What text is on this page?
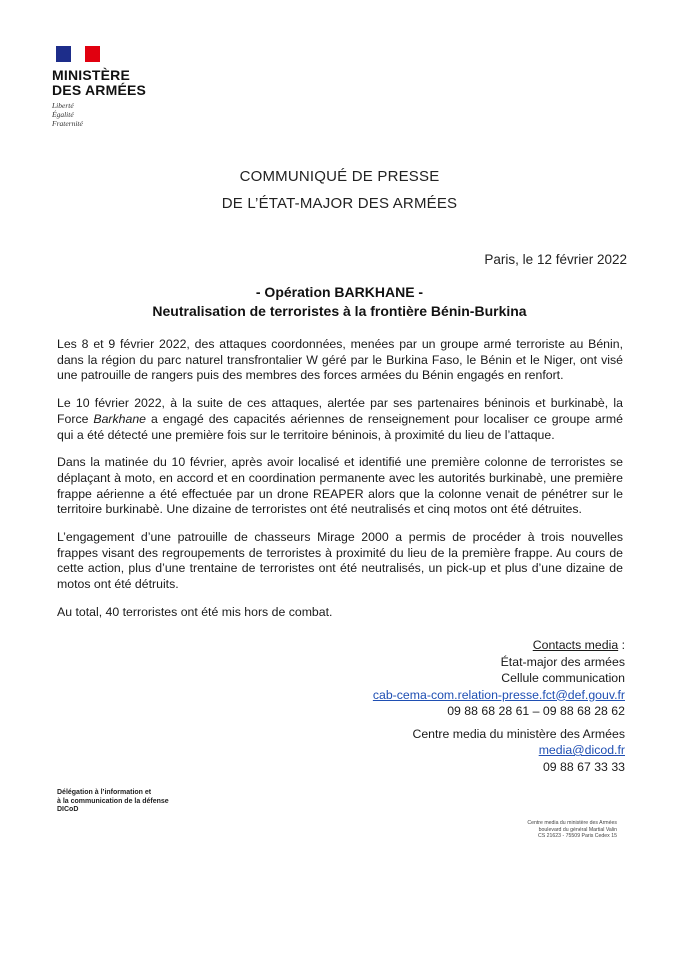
MINISTÈRE
DES ARMÉES
Liberté
Égalité
Fraternité
COMMUNIQUÉ DE PRESSE
DE L’ÉTAT-MAJOR DES ARMÉES
Paris, le 12 février 2022
- Opération BARKHANE -
Neutralisation de terroristes à la frontière Bénin-Burkina

Les 8 et 9 février 2022, des attaques coordonnées, menées par un groupe armé terroriste au Bénin, dans la région du parc naturel transfrontalier W géré par le Burkina Faso, le Bénin et le Niger, ont visé une patrouille de rangers puis des membres des forces armées du Bénin engagés en renfort.

Le 10 février 2022, à la suite de ces attaques, alertée par ses partenaires béninois et burkinabè, la Force Barkhane a engagé des capacités aériennes de renseignement pour localiser ce groupe armé qui a été détecté une première fois sur le territoire béninois, à proximité du lieu de l’attaque.

Dans la matinée du 10 février, après avoir localisé et identifié une première colonne de terroristes se déplaçant à moto, en accord et en coordination permanente avec les autorités burkinabè, une première frappe aérienne a été effectuée par un drone REAPER alors que la colonne venait de pénétrer sur le territoire burkinabè. Une dizaine de terroristes ont été neutralisés et cinq motos ont été détruites.

L’engagement d’une patrouille de chasseurs Mirage 2000 a permis de procéder à trois nouvelles frappes visant des regroupements de terroristes à proximité du lieu de la première frappe. Au cours de cette action, plus d’une trentaine de terroristes ont été neutralisés, un pick-up et plus d’une dizaine de motos ont été détruits.

Au total, 40 terroristes ont été mis hors de combat.

Contacts media :
État-major des armées
Cellule communication
cab-cema-com.relation-presse.fct@def.gouv.fr
09 88 68 28 61 – 09 88 68 28 62
Centre media du ministère des Armées
media@dicod.fr
09 88 67 33 33
Délégation à l’information et
à la communication de la défense
DICoD
Centre media du ministère des Armées
boulevard du général Martial Valin
CS 21623 - 75509 Paris Cedex 15
